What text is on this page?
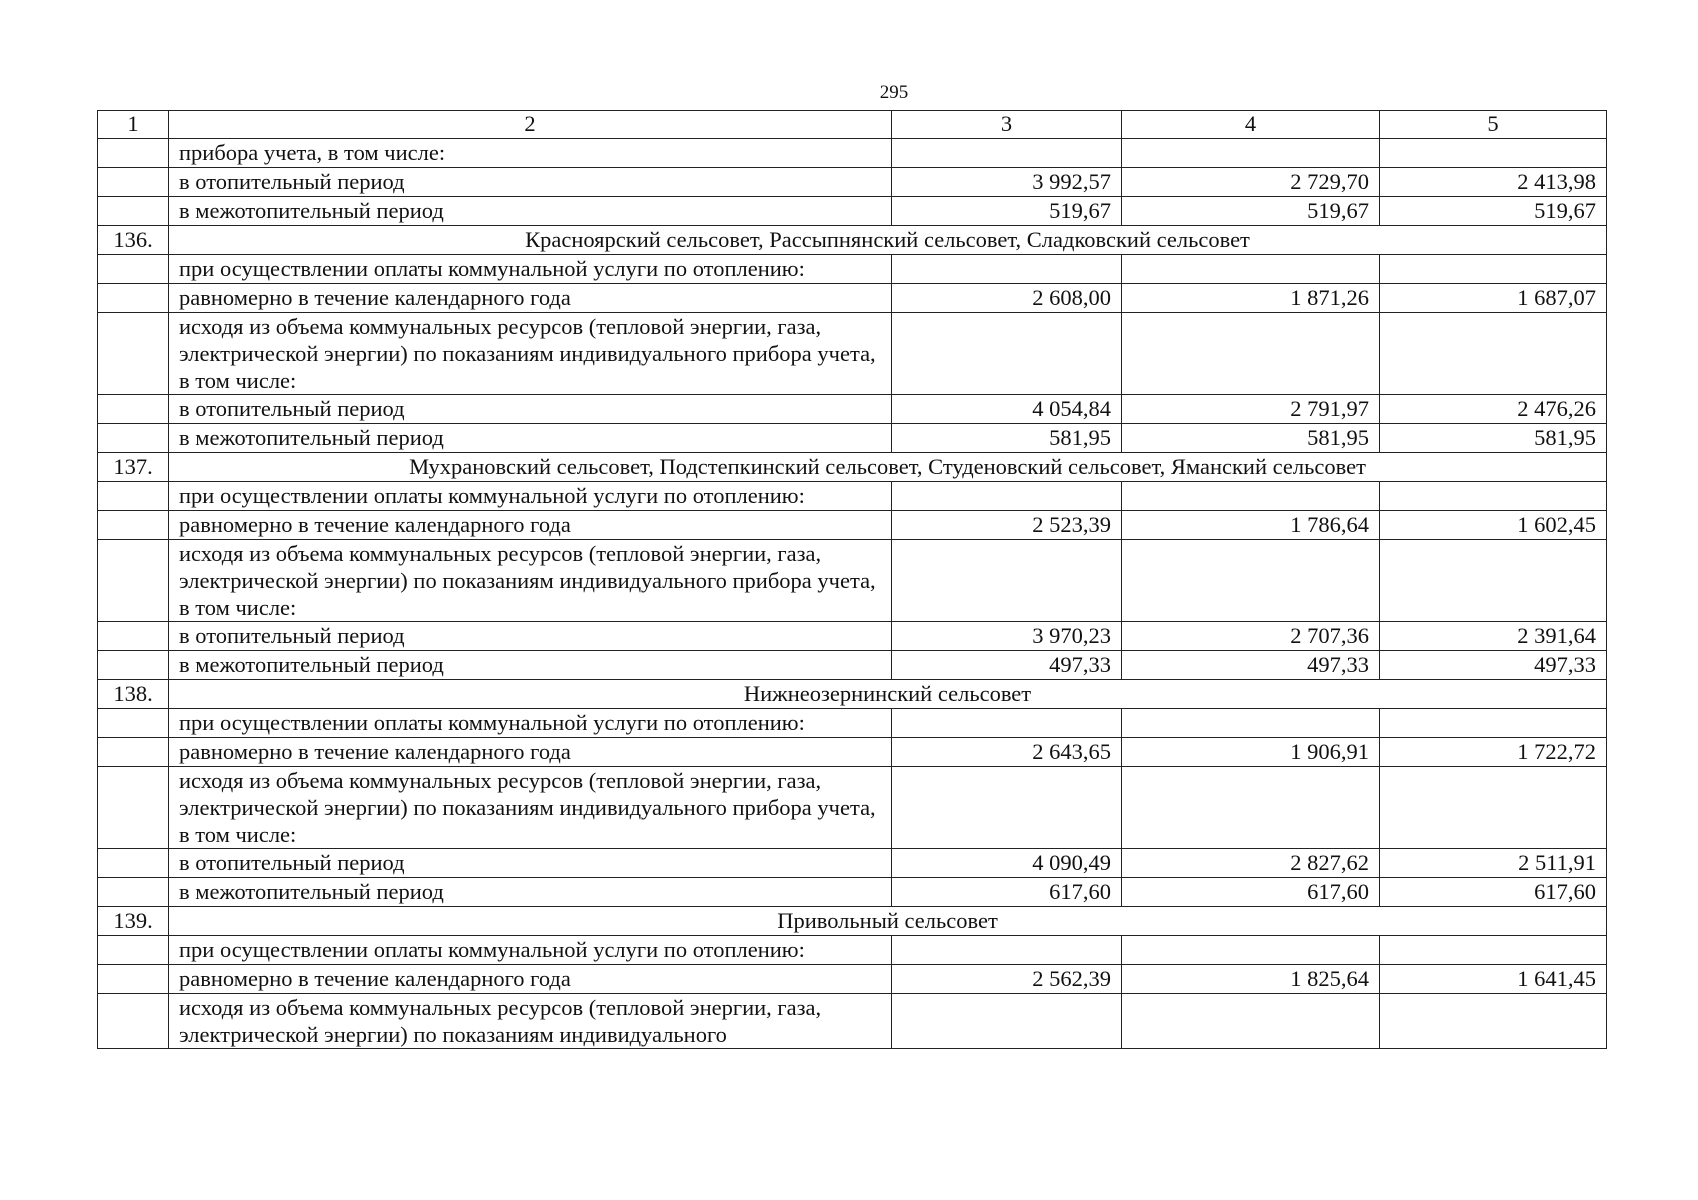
295
1	2	3	4	5
	прибора учета, в том числе:			
	в отопительный период	3 992,57	2 729,70	2 413,98
	в межотопительный период	519,67	519,67	519,67
136.	Красноярский сельсовет, Рассыпнянский сельсовет, Сладковский сельсовет			
	при осуществлении оплаты коммунальной услуги по отоплению:			
	равномерно в течение календарного года	2 608,00	1 871,26	1 687,07
	исходя из объема коммунальных ресурсов (тепловой энергии, газа, электрической энергии) по показаниям индивидуального прибора учета, в том числе:			
	в отопительный период	4 054,84	2 791,97	2 476,26
	в межотопительный период	581,95	581,95	581,95
137.	Мухрановский сельсовет, Подстепкинский сельсовет, Студеновский сельсовет, Яманский сельсовет			
	при осуществлении оплаты коммунальной услуги по отоплению:			
	равномерно в течение календарного года	2 523,39	1 786,64	1 602,45
	исходя из объема коммунальных ресурсов (тепловой энергии, газа, электрической энергии) по показаниям индивидуального прибора учета, в том числе:			
	в отопительный период	3 970,23	2 707,36	2 391,64
	в межотопительный период	497,33	497,33	497,33
138.	Нижнеозернинский сельсовет			
	при осуществлении оплаты коммунальной услуги по отоплению:			
	равномерно в течение календарного года	2 643,65	1 906,91	1 722,72
	исходя из объема коммунальных ресурсов (тепловой энергии, газа, электрической энергии) по показаниям индивидуального прибора учета, в том числе:			
	в отопительный период	4 090,49	2 827,62	2 511,91
	в межотопительный период	617,60	617,60	617,60
139.	Привольный сельсовет			
	при осуществлении оплаты коммунальной услуги по отоплению:			
	равномерно в течение календарного года	2 562,39	1 825,64	1 641,45
	исходя из объема коммунальных ресурсов (тепловой энергии, газа, электрической энергии) по показаниям индивидуального			
